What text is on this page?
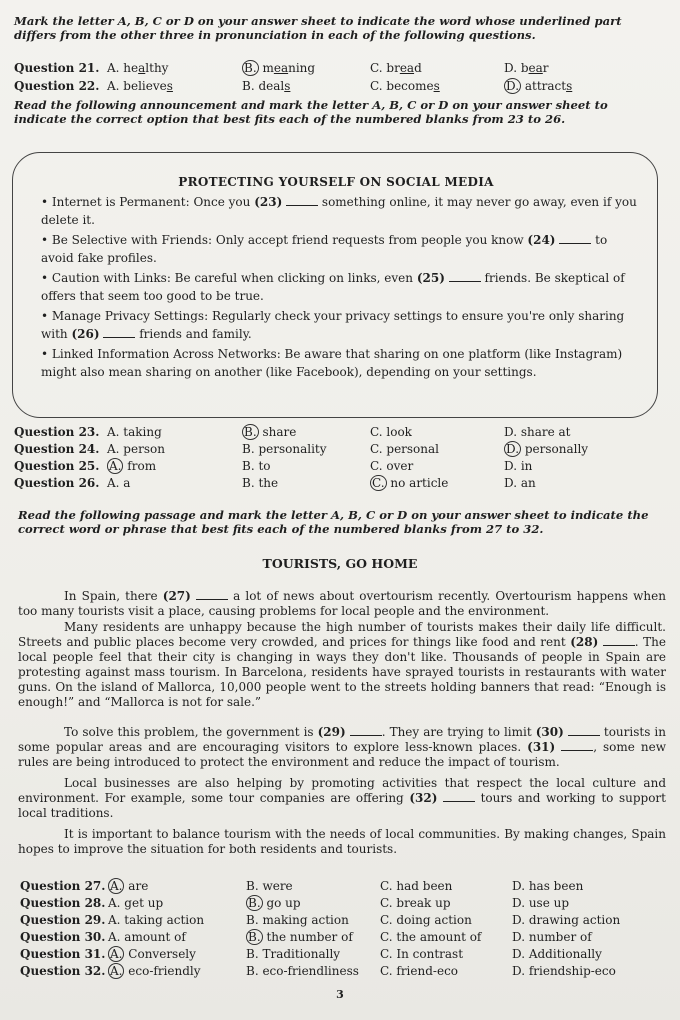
Mark the letter A, B, C or D on your answer sheet to indicate the word whose underlined part differs from the other three in pronunciation in each of the following questions.
Question 21. A. healthy	B. meaning	C. bread	D. bear
Question 22. A. believes	B. deals	C. becomes	D. attracts
Read the following announcement and mark the letter A, B, C or D on your answer sheet to indicate the correct option that best fits each of the numbered blanks from 23 to 26.
PROTECTING YOURSELF ON SOCIAL MEDIA
• Internet is Permanent: Once you (23)	something online, it may never go away, even if you delete it.
• Be Selective with Friends: Only accept friend requests from people you know (24)	to avoid fake profiles.
• Caution with Links: Be careful when clicking on links, even (25)	friends. Be skeptical of offers that seem too good to be true.
• Manage Privacy Settings: Regularly check your privacy settings to ensure you're only sharing with (26)	friends and family.
• Linked Information Across Networks: Be aware that sharing on one platform (like Instagram) might also mean sharing on another (like Facebook), depending on your settings.
Question 23. A. taking	B. share	C. look	D. share at
Question 24. A. person	B. personality	C. personal	D. personally
Question 25. A. from	B. to	C. over	D. in
Question 26. A. a	B. the	C. no article	D. an
Read the following passage and mark the letter A, B, C or D on your answer sheet to indicate the correct word or phrase that best fits each of the numbered blanks from 27 to 32.
TOURISTS, GO HOME
In Spain, there (27)	a lot of news about overtourism recently. Overtourism happens when too many tourists visit a place, causing problems for local people and the environment.
Many residents are unhappy because the high number of tourists makes their daily life difficult. Streets and public places become very crowded, and prices for things like food and rent (28)	. The local people feel that their city is changing in ways they don't like. Thousands of people in Spain are protesting against mass tourism. In Barcelona, residents have sprayed tourists in restaurants with water guns. On the island of Mallorca, 10,000 people went to the streets holding banners that read: “Enough is enough!” and “Mallorca is not for sale.”
To solve this problem, the government is (29)	. They are trying to limit (30)	tourists in some popular areas and are encouraging visitors to explore less-known places. (31)	, some new rules are being introduced to protect the environment and reduce the impact of tourism.
Local businesses are also helping by promoting activities that respect the local culture and environment. For example, some tour companies are offering (32)	tours and working to support local traditions.
It is important to balance tourism with the needs of local communities. By making changes, Spain hopes to improve the situation for both residents and tourists.
Question 27. A. are	B. were	C. had been	D. has been
Question 28. A. get up	B. go up	C. break up	D. use up
Question 29. A. taking action	B. making action	C. doing action	D. drawing action
Question 30. A. amount of	B. the number of C. the amount of	D. number of
Question 31. A. Conversely	B. Traditionally	C. In contrast	D. Additionally
Question 32. A. eco-friendly	B. eco-friendliness C. friend-eco	D. friendship-eco
3
